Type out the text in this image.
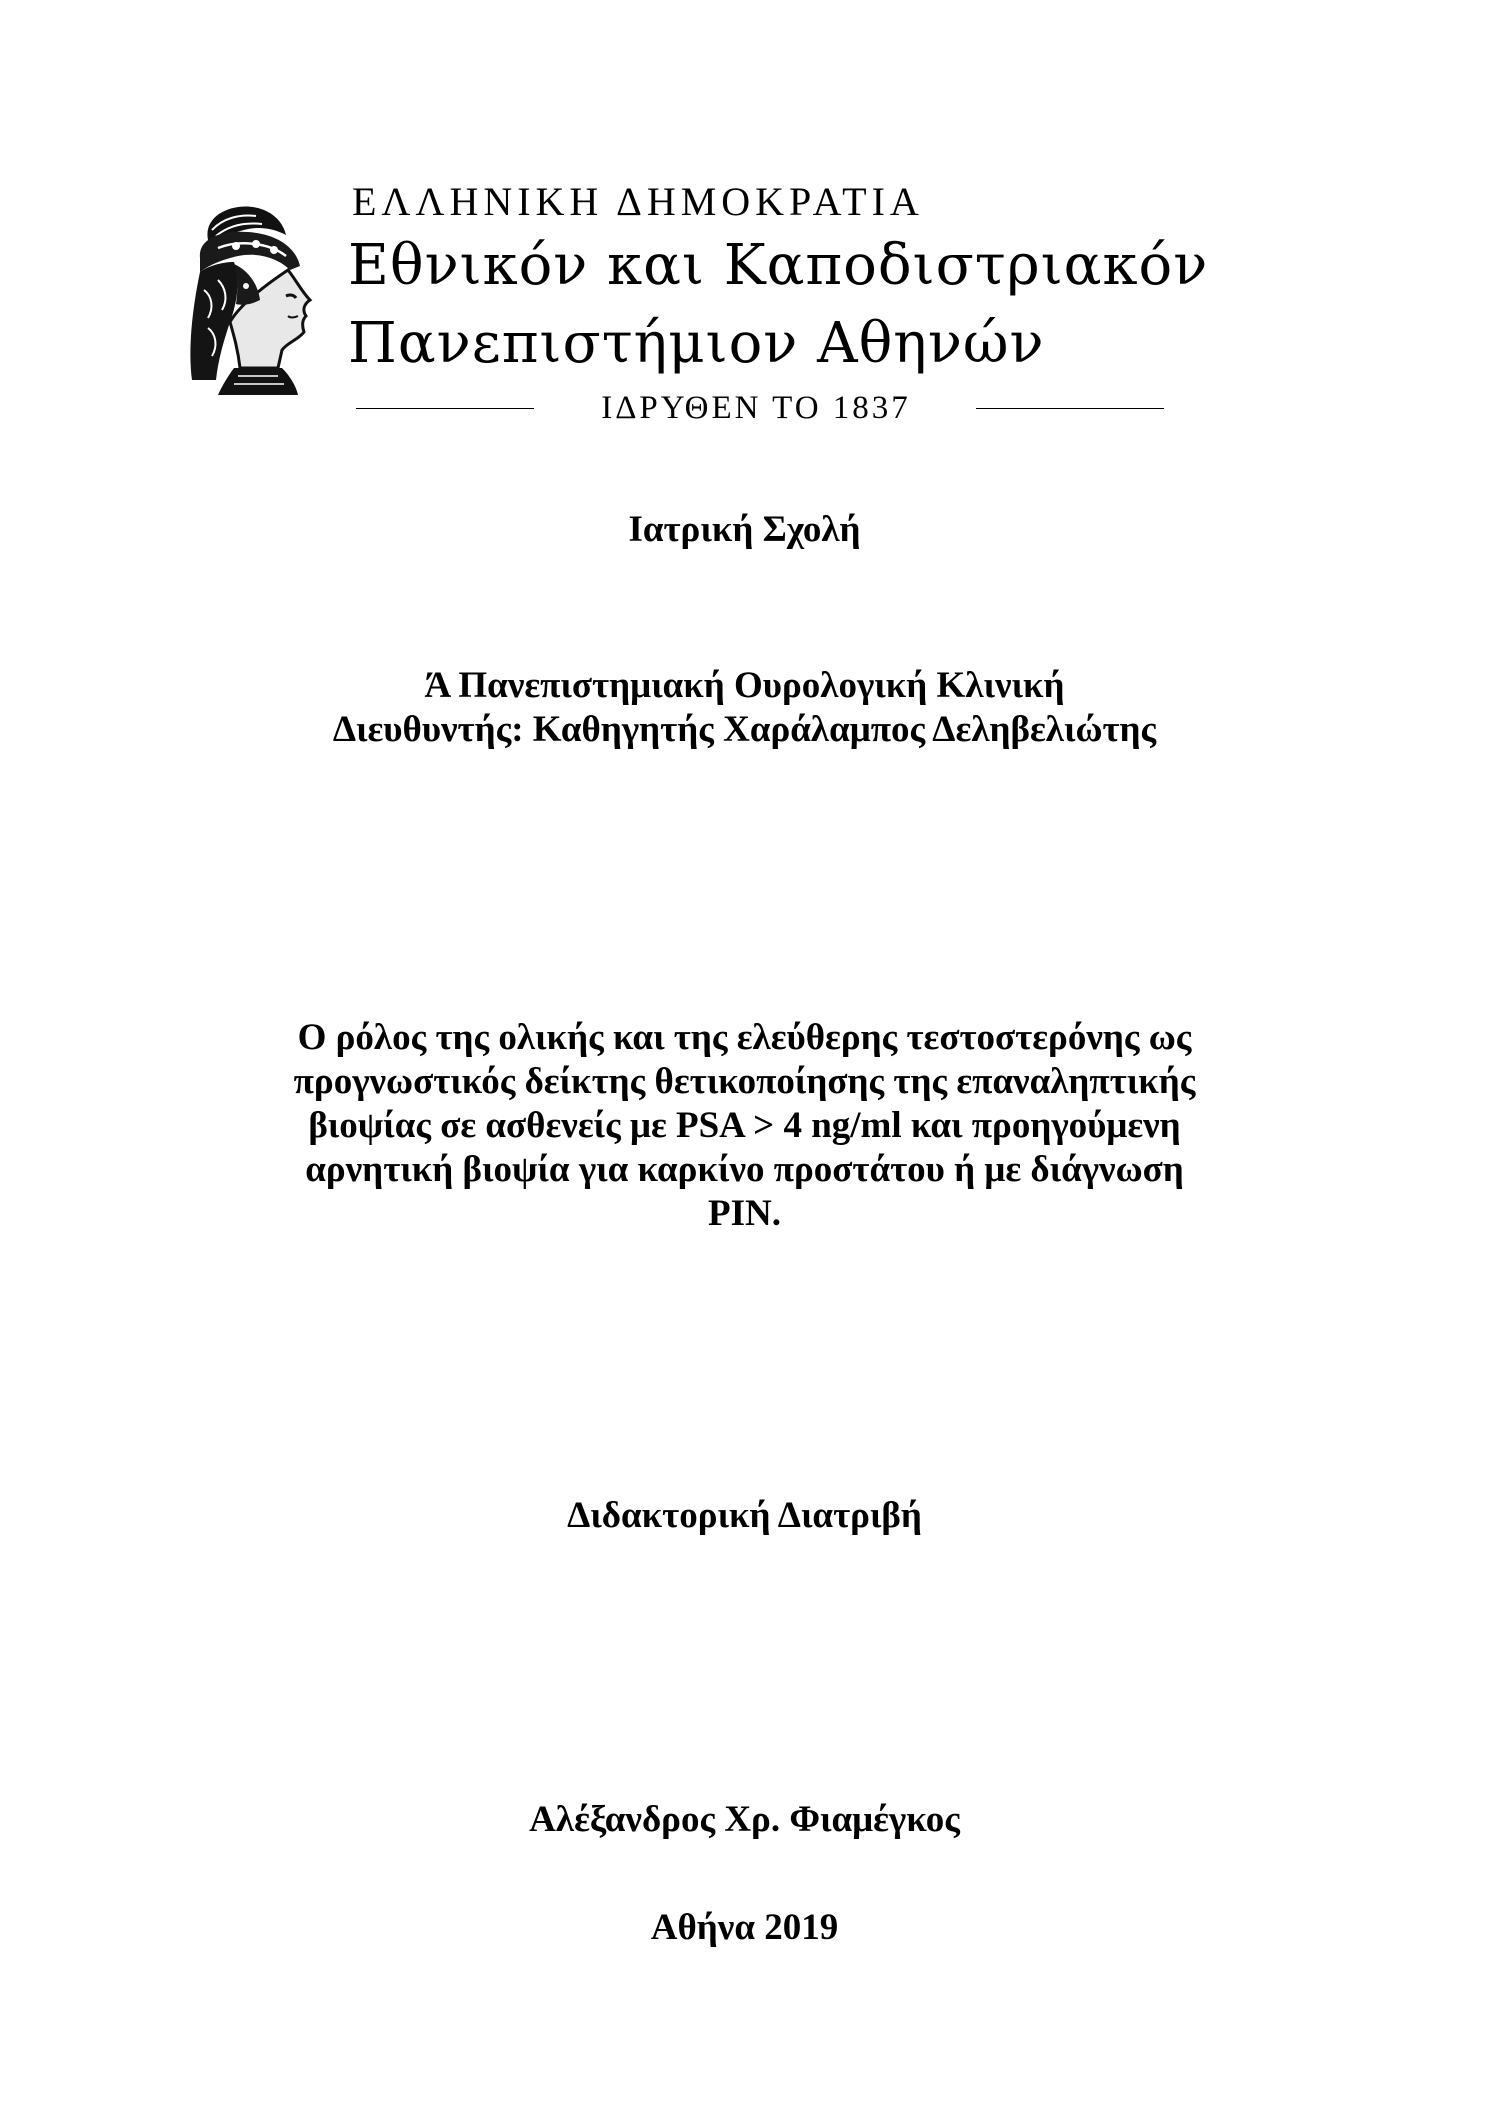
ΕΛΛΗΝΙΚΗ ΔΗΜΟΚΡΑΤΙΑ
Εθνικόν και Καποδιστριακόν
Πανεπιστήμιον Αθηνών
ΙΔΡΥΘΕΝ ΤΟ 1837
Ιατρική Σχολή
Ά Πανεπιστημιακή Ουρολογική Κλινική
Διευθυντής: Καθηγητής Χαράλαμπος Δεληβελιώτης
Ο ρόλος της ολικής και της ελεύθερης τεστοστερόνης ως
προγνωστικός δείκτης θετικοποίησης της επαναληπτικής
βιοψίας σε ασθενείς με PSA > 4 ng/ml και προηγούμενη
αρνητική βιοψία για καρκίνο προστάτου ή με διάγνωση
PIN.
Διδακτορική Διατριβή
Αλέξανδρος Χρ. Φιαμέγκος
Αθήνα 2019
